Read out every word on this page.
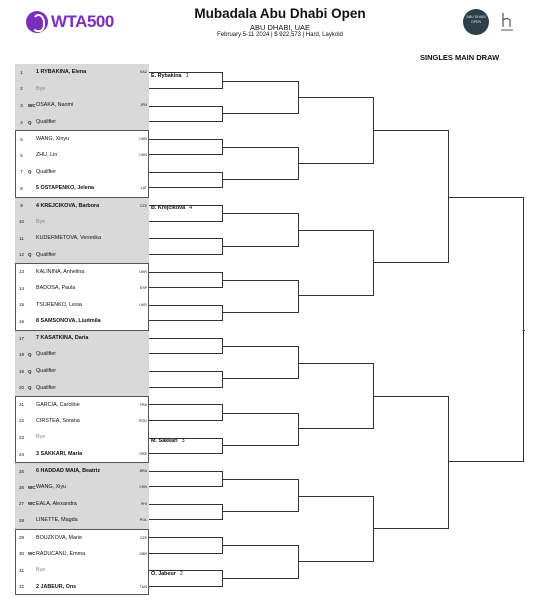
WTA500	Mubadala Abu Dhabi Open
ABU DHABI, UAE
February 5-11 2024 | $ 922,573 | Hard, Laykold
ABU DHABI OPEN
SINGLES MAIN DRAW
1	1 RYBAKINA, Elena	KAZ
2	Bye
3	WC OSAKA, Naomi	JPN
4	Q Qualifier
5	WANG, Xinyu	CHN
6	ZHU, Lin	CHN
7	Q Qualifier
8	5 OSTAPENKO, Jelena	LAT
9	4 KREJCIKOVA, Barbora	CZE
10	Bye
11	KUDERMETOVA, Veronika
12 Q Qualifier
13	KALININA, Anhelina	UKR
14	BADOSA, Paula	ESP
15	TSURENKO, Lesia	UKR
16	8 SAMSONOVA, Liudmila
17	7 KASATKINA, Daria
18 Q Qualifier
19 Q Qualifier
20 Q Qualifier
21	GARCIA, Caroline	FRA
22	CIRSTEA, Sorana	ROU
23	Bye
24	3 SAKKARI, Maria	GRE
25	6 HADDAD MAIA, Beatriz	BRA
26 WC WANG, Xiyu	CHN
27 WC EALA, Alexandra	PHI
28	LINETTE, Magda	POL
29	BOUZKOVA, Marie	CZE
30 WC RADUCANU, Emma	GBR
31	Bye
32	2 JABEUR, Ons	TUN
E. Rybakina 1
B. Krejcikova 4
M. Sakkari 3
O. Jabeur 2
